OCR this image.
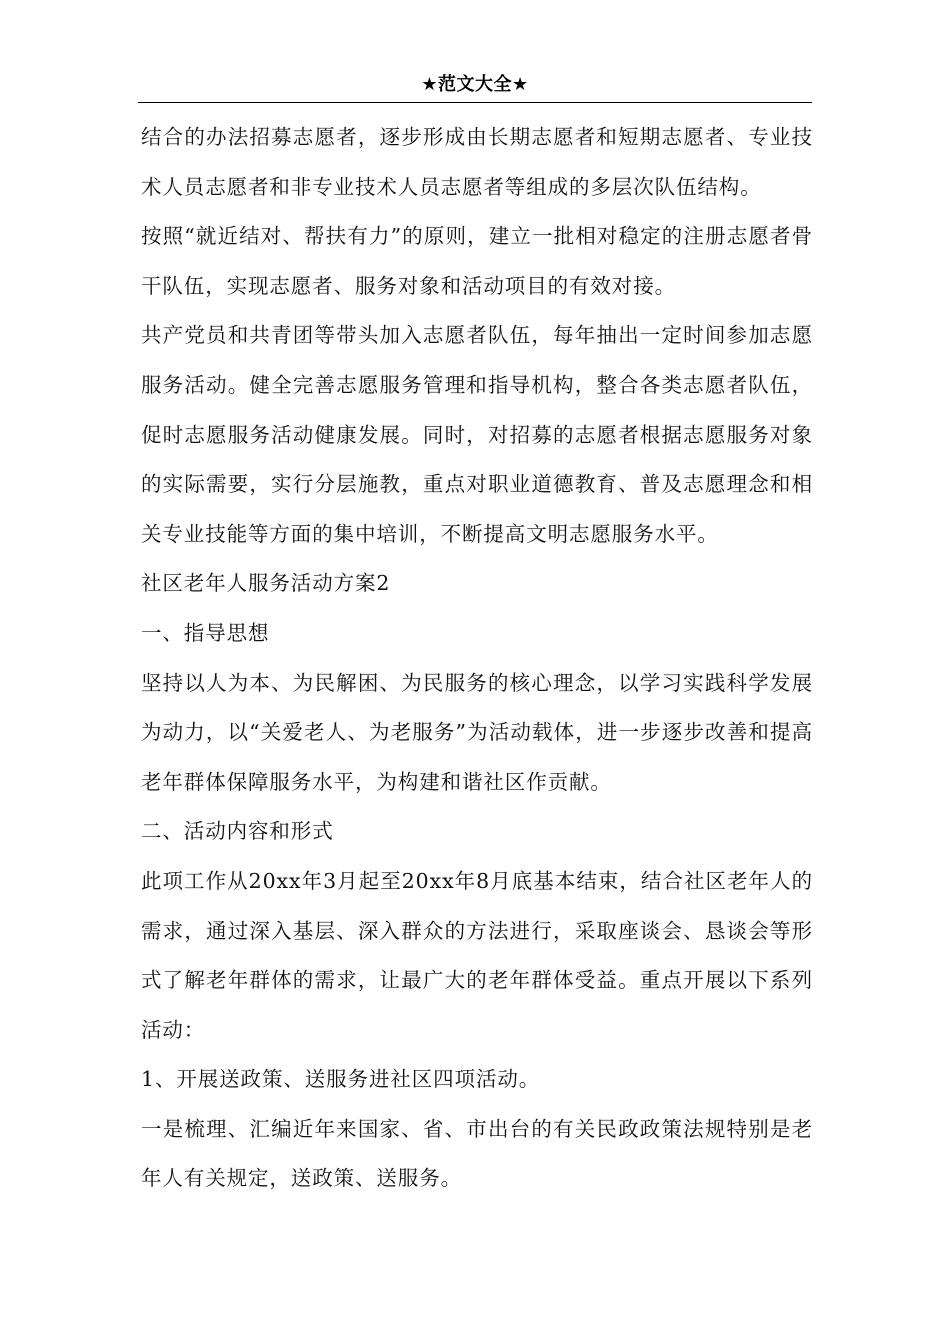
★范文大全★

结合的办法招募志愿者，逐步形成由长期志愿者和短期志愿者、专业技术人员志愿者和非专业技术人员志愿者等组成的多层次队伍结构。

按照“就近结对、帮扶有力”的原则，建立一批相对稳定的注册志愿者骨干队伍，实现志愿者、服务对象和活动项目的有效对接。

共产党员和共青团等带头加入志愿者队伍，每年抽出一定时间参加志愿服务活动。健全完善志愿服务管理和指导机构，整合各类志愿者队伍，促时志愿服务活动健康发展。同时，对招募的志愿者根据志愿服务对象的实际需要，实行分层施教，重点对职业道德教育、普及志愿理念和相关专业技能等方面的集中培训，不断提高文明志愿服务水平。

社区老年人服务活动方案2

一、指导思想

坚持以人为本、为民解困、为民服务的核心理念，以学习实践科学发展为动力，以“关爱老人、为老服务”为活动载体，进一步逐步改善和提高老年群体保障服务水平，为构建和谐社区作贡献。

二、活动内容和形式

此项工作从20xx年3月起至20xx年8月底基本结束，结合社区老年人的需求，通过深入基层、深入群众的方法进行，采取座谈会、恳谈会等形式了解老年群体的需求，让最广大的老年群体受益。重点开展以下系列活动：

1、开展送政策、送服务进社区四项活动。

一是梳理、汇编近年来国家、省、市出台的有关民政政策法规特别是老年人有关规定，送政策、送服务。
